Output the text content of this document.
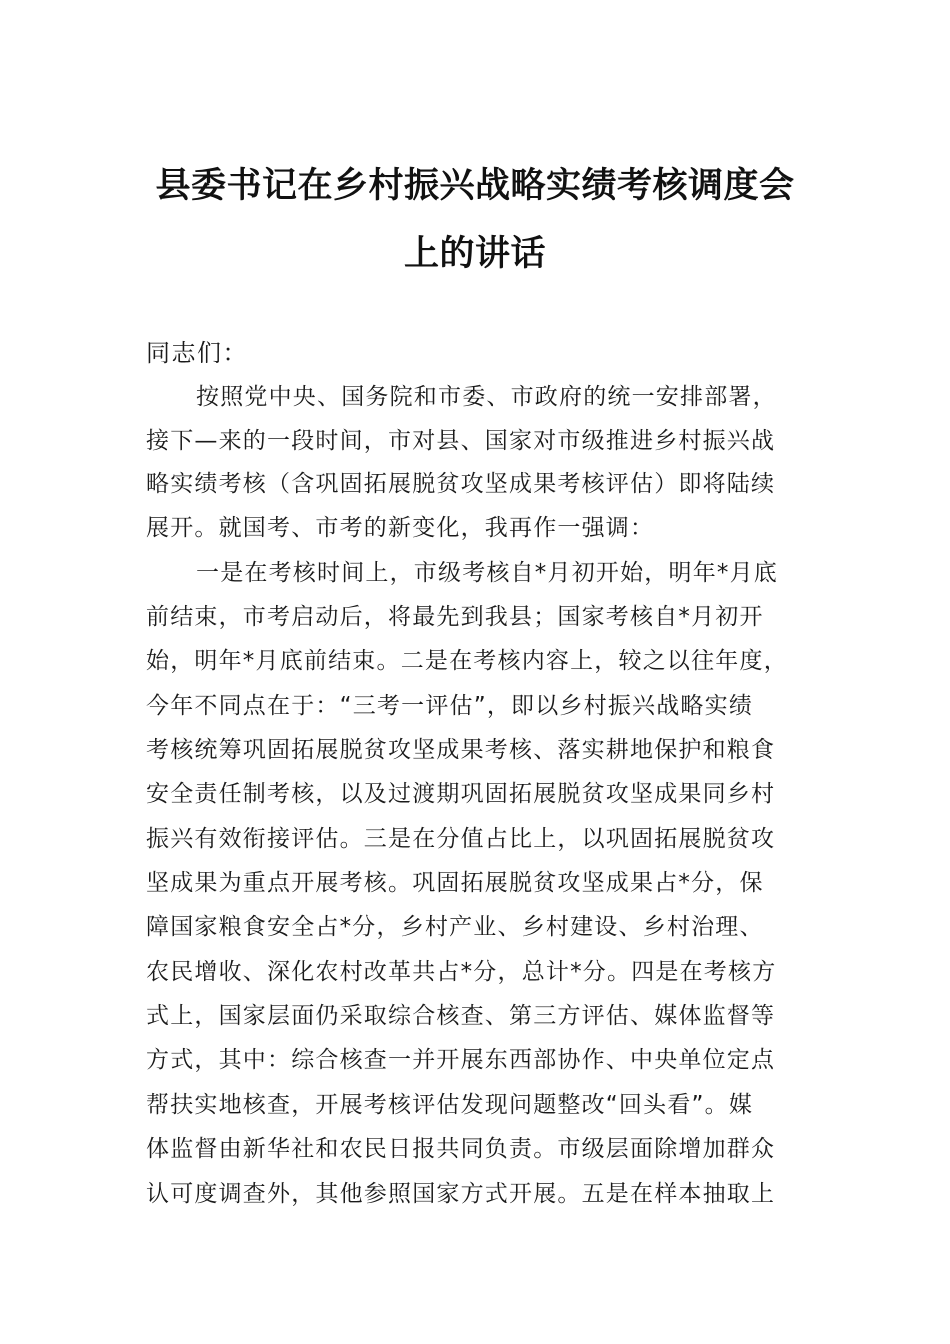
县委书记在乡村振兴战略实绩考核调度会
上的讲话
同志们：
按照党中央、国务院和市委、市政府的统一安排部署，
接下—来的一段时间，市对县、国家对市级推进乡村振兴战
略实绩考核（含巩固拓展脱贫攻坚成果考核评估）即将陆续
展开。就国考、市考的新变化，我再作一强调：
一是在考核时间上，市级考核自*月初开始，明年*月底
前结束，市考启动后，将最先到我县；国家考核自*月初开
始，明年*月底前结束。二是在考核内容上，较之以往年度，
今年不同点在于：“三考一评估”，即以乡村振兴战略实绩
考核统筹巩固拓展脱贫攻坚成果考核、落实耕地保护和粮食
安全责任制考核，以及过渡期巩固拓展脱贫攻坚成果同乡村
振兴有效衔接评估。三是在分值占比上，以巩固拓展脱贫攻
坚成果为重点开展考核。巩固拓展脱贫攻坚成果占*分，保
障国家粮食安全占*分，乡村产业、乡村建设、乡村治理、
农民增收、深化农村改革共占*分，总计*分。四是在考核方
式上，国家层面仍采取综合核查、第三方评估、媒体监督等
方式，其中：综合核查一并开展东西部协作、中央单位定点
帮扶实地核查，开展考核评估发现问题整改“回头看”。媒
体监督由新华社和农民日报共同负责。市级层面除增加群众
认可度调查外，其他参照国家方式开展。五是在样本抽取上
